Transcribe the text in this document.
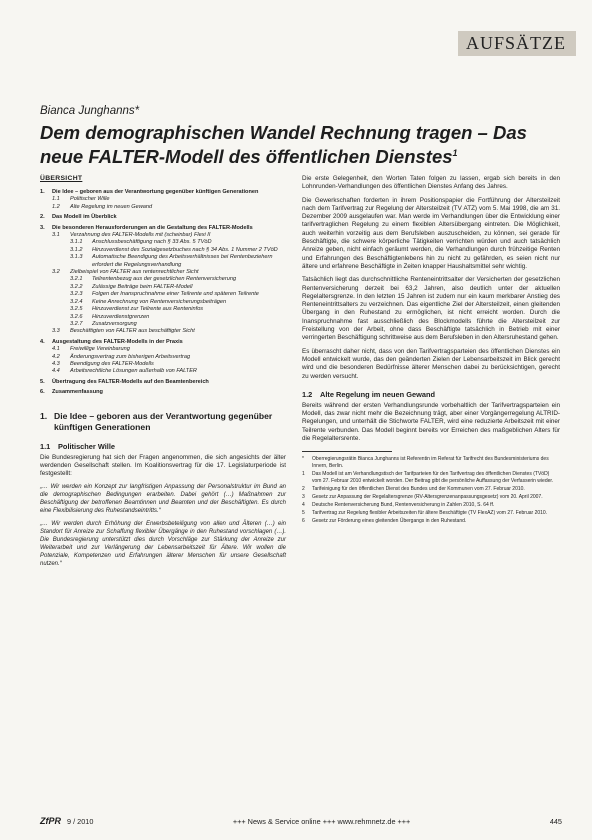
AUFSÄTZE
Bianca Junghanns*
Dem demographischen Wandel Rechnung tragen – Das neue FALTER-Modell des öffentlichen Dienstes$^1$
ÜBERSICHT
1.	Die Idee – geboren aus der Verantwortung gegenüber künftigen Generationen
1.1	Politischer Wille
1.2	Alte Regelung im neuen Gewand
2.	Das Modell im Überblick
3.	Die besonderen Herausforderungen an die Gestaltung des FALTER-Modells
3.1	Verzahnung des FALTER-Modells mit (scheinbar) Flexi II
3.1.1	Anschlussbeschäftigung nach § 33 Abs. 5 TVöD
3.1.2	Hinzuverdienst des Sozialgesetzbuches nach § 34 Abs. 1 Nummer 2 TVöD
3.1.3	Automatische Beendigung des Arbeitsverhältnisses bei Rentenbeziehern erfordert die Regelungsverhandlung
3.2	Zielbeispiel von FALTER aus rentenrechtlicher Sicht
3.2.1	Teilrentenbezug aus der gesetzlichen Rentenversicherung
3.2.2	Zulässige Beiträge beim FALTER-Modell
3.2.3	Folgen der Inanspruchnahme einer Teilrente und späteren Teilrente
3.2.4	Keine Anrechnung von Rentenversicherungsbeiträgen
3.2.5	Hinzuverdienst zur Teilrente aus Renteninfos
3.2.6	Hinzuverdienstgrenzen
3.2.7	Zusatzversorgung
3.3	Beschäftigten von FALTER aus beschäftigter Sicht
4.	Ausgestaltung des FALTER-Modells in der Praxis
4.1	Freiwillige Vereinbarung
4.2	Änderungsvertrag zum bisherigen Arbeitsvertrag
4.3	Beendigung des FALTER-Modells
4.4	Arbeitsrechtliche Lösungen außerhalb von FALTER
5.	Übertragung des FALTER-Modells auf den Beamtenbereich
6.	Zusammenfassung
1. Die Idee – geboren aus der Verantwortung gegenüber künftigen Generationen
1.1	Politischer Wille

Die Bundesregierung hat sich der Fragen angenommen, die sich angesichts der älter werdenden Gesellschaft stellen. Im Koalitionsvertrag für die 17. Legislaturperiode ist festgestellt:

„… Wir werden ein Konzept zur langfristigen Anpassung der Personalstruktur im Bund an die demographischen Bedingungen erarbeiten. Dabei gehört (…) Maßnahmen zur Beschäftigung der betroffenen Beamtinnen und Beamten und der Beschäftigten. Es durch eine Flexibilisierung des Ruhestandseintritts.“

„… Wir werden durch Erhöhung der Erwerbsbeteiligung von allen und Älteren (…) ein Standort für Anreize zur Schaffung flexibler Übergänge in den Ruhestand vorschlagen (…). Die Bundesregierung unterstützt dies durch Vorschläge zur Stärkung der Anreize zur Weiterarbeit und zur Verlängerung der Lebensarbeitszeit für Ältere. Wir wollen die Potenziale, Kompetenzen und Erfahrungen älterer Menschen für unsere Gesellschaft nutzen.“

Die erste Gelegenheit, den Worten Taten folgen zu lassen, ergab sich bereits in den Lohnrunden-Verhandlungen des öffentlichen Dienstes Anfang des Jahres.

Die Gewerkschaften forderten in ihrem Positionspapier die Fortführung der Altersteilzeit nach dem Tarifvertrag zur Regelung der Altersteilzeit (TV ATZ) vom 5. Mai 1998, die am 31. Dezember 2009 ausgelaufen war. Man werde im Verhandlungen über die Entwicklung einer tarifvertraglichen Regelung zu einem flexiblen Altersübergang eintreten. Die Möglichkeit, auch weiterhin vorzeitig aus dem Berufsleben auszuscheiden, zu können, sei gerade für Beschäftigte, die schwere körperliche Tätigkeiten verrichten würden und auch tatsächlich Anreize geben, nicht einfach geräumt werden, die Verhandlungen durch frühzeitige Renten und Erfahrungen des Beschäftigtenlebens hin zu nicht zu gefährden, es seien nicht nur ältere und erfahrene Beschäftigte in Zeiten knapper Haushaltsmittel sehr wichtig.

Tatsächlich liegt das durchschnittliche Renteneintrittsalter der Versicherten der gesetzlichen Rentenversicherung derzeit bei 63,2 Jahren, also deutlich unter der aktuellen Regelaltersgrenze. In den letzten 15 Jahren ist zudem nur ein kaum merkbarer Anstieg des Renteneintrittsalters zu verzeichnen. Das eigentliche Ziel der Altersteilzeit, einen gleitenden Übergang in den Ruhestand zu ermöglichen, ist nicht erreicht worden. Durch die Inanspruchnahme fast ausschließlich des Blockmodells führte die Altersteilzeit zur Freistellung von der Arbeit, ohne dass Beschäftigte tatsächlich in Betrieb mit einer verringerten Beschäftigung schrittweise aus dem Berufsleben in den Altersruhestand gehen.

Es überrascht daher nicht, dass von den Tarifvertragsparteien des öffentlichen Dienstes ein Modell entwickelt wurde, das den geänderten Zielen der Lebensarbeitszeit im Blick gerecht wird und die besonderen Bedürfnisse älterer Menschen dabei zu berücksichtigen, gerecht zu werden versucht.

1.2	Alte Regelung im neuen Gewand

Bereits während der ersten Verhandlungsrunde vorbehaltlich der Tarifvertragsparteien ein Modell, das zwar nicht mehr die Bezeichnung trägt, aber einer Vorgängerregelung ALTRID-Regelungen, und unterhält die Stichworte FALTER, wird eine reduzierte Arbeitszeit mit einer Teilrente verbunden. Das Modell beginnt bereits vor Erreichen des maßgeblichen Alters für die Regelaltersrente.

*	Oberregierungsrätin Bianca Junghanns ist Referentin im Referat für Tarifrecht des Bundesministeriums des Innern, Berlin.
1	Das Modell ist am Verhandlungstisch der Tarifparteien für den Tarifvertrag des öffentlichen Dienstes (TVöD) vom 27. Februar 2010 entwickelt worden. Der Beitrag gibt die persönliche Auffassung der Verfasserin wieder.
2	Tarifeinigung für den öffentlichen Dienst des Bundes und der Kommunen vom 27. Februar 2010.
3	Gesetz zur Anpassung der Regelaltersgrenze (RV-Altersgrenzenanpassungsgesetz) vom 20. April 2007.
4	Deutsche Rentenversicherung Bund, Rentenversicherung in Zahlen 2010, S. 64 ff.
5	Tarifvertrag zur Regelung flexibler Arbeitszeiten für ältere Beschäftigte (TV FlexAZ) vom 27. Februar 2010.
6	Gesetz zur Förderung eines gleitenden Übergangs in den Ruhestand.
ZfPR 9 / 2010	+++ News & Service online +++ www.rehmnetz.de +++	445
